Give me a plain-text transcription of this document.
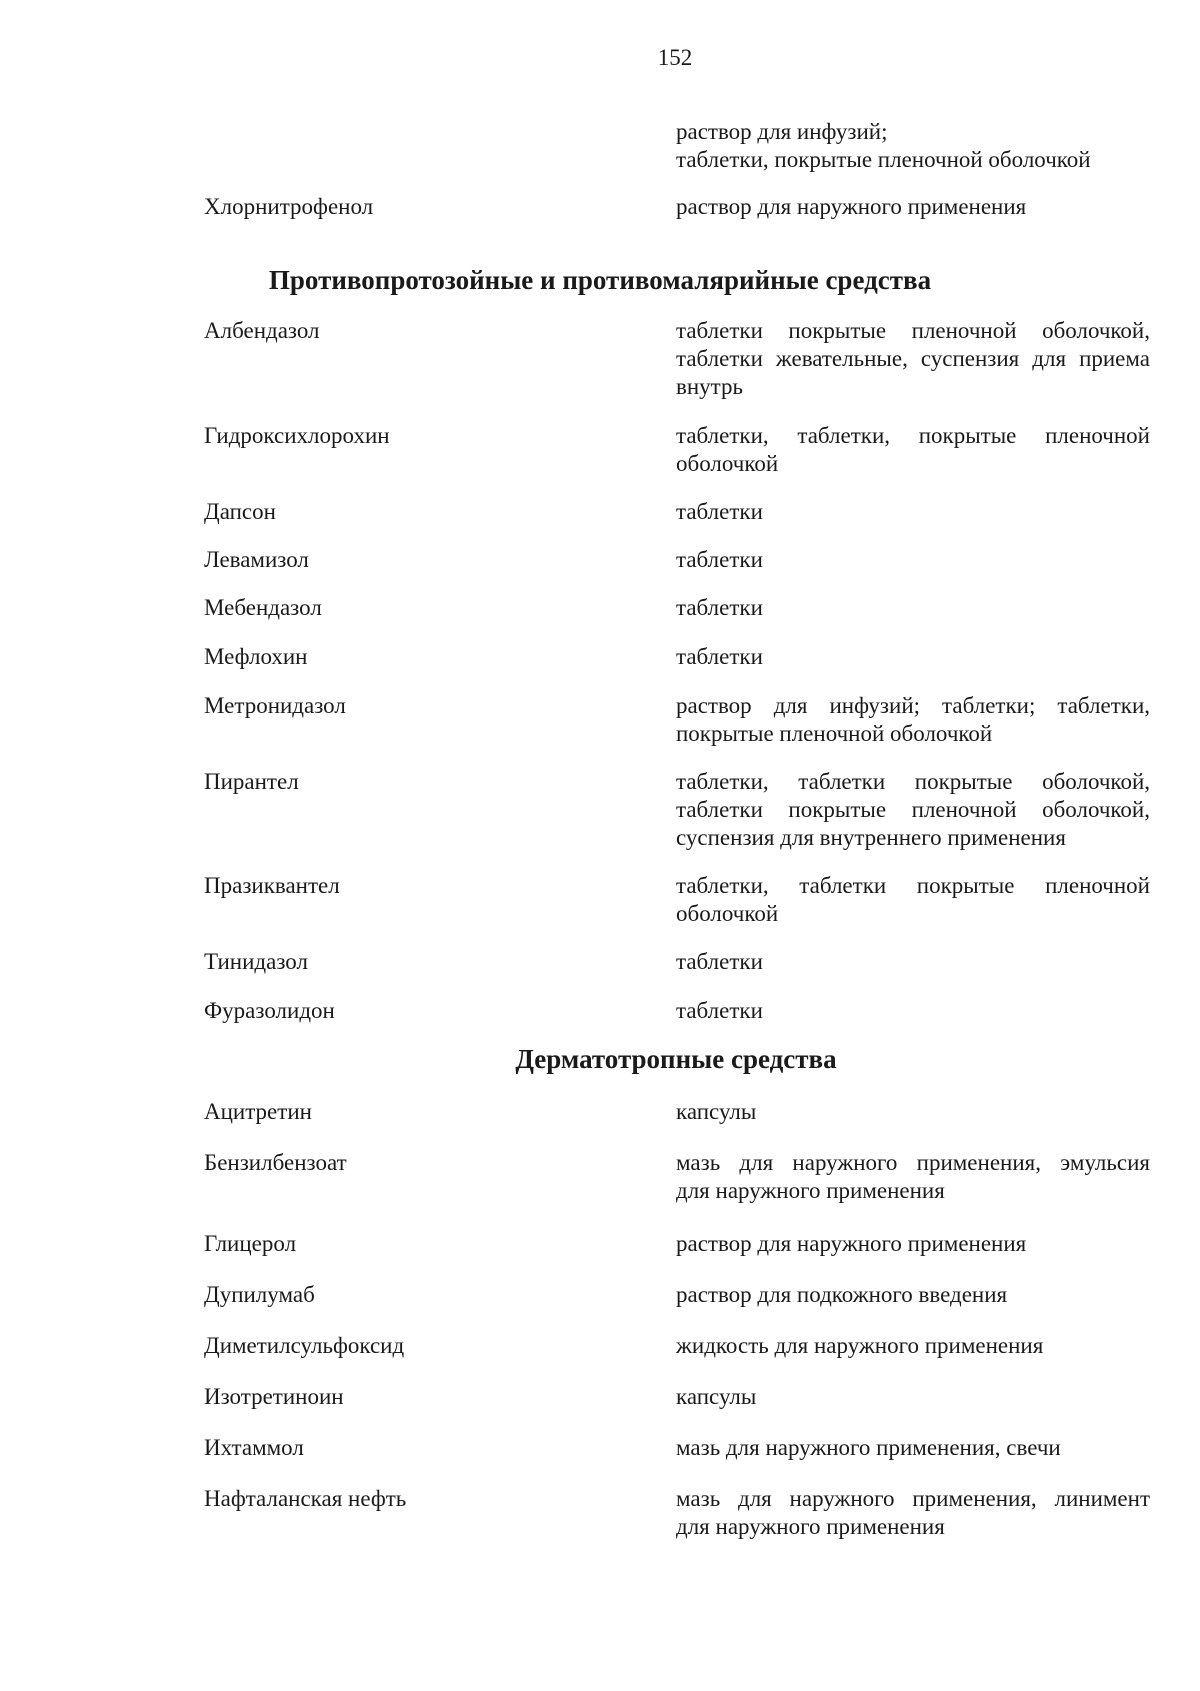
152
раствор для инфузий;
таблетки, покрытые пленочной оболочкой
Хлорнитрофенол	раствор для наружного применения
Противопротозойные и противомалярийные средства
Албендазол	таблетки покрытые пленочной оболочкой,
таблетки жевательные, суспензия для приема
внутрь
Гидроксихлорохин	таблетки, таблетки, покрытые пленочной
оболочкой
Дапсон	таблетки
Левамизол	таблетки
Мебендазол	таблетки
Мефлохин	таблетки
Метронидазол	раствор для инфузий; таблетки; таблетки,
покрытые пленочной оболочкой
Пирантел	таблетки, таблетки покрытые оболочкой,
таблетки покрытые пленочной оболочкой,
суспензия для внутреннего применения
Празиквантел	таблетки, таблетки покрытые пленочной
оболочкой
Тинидазол	таблетки
Фуразолидон	таблетки
Дерматотропные средства
Ацитретин	капсулы
Бензилбензоат	мазь для наружного применения, эмульсия
для наружного применения
Глицерол	раствор для наружного применения
Дупилумаб	раствор для подкожного введения
Диметилсульфоксид	жидкость для наружного применения
Изотретиноин	капсулы
Ихтаммол	мазь для наружного применения, свечи
Нафталанская нефть	мазь для наружного применения, линимент
для наружного применения
